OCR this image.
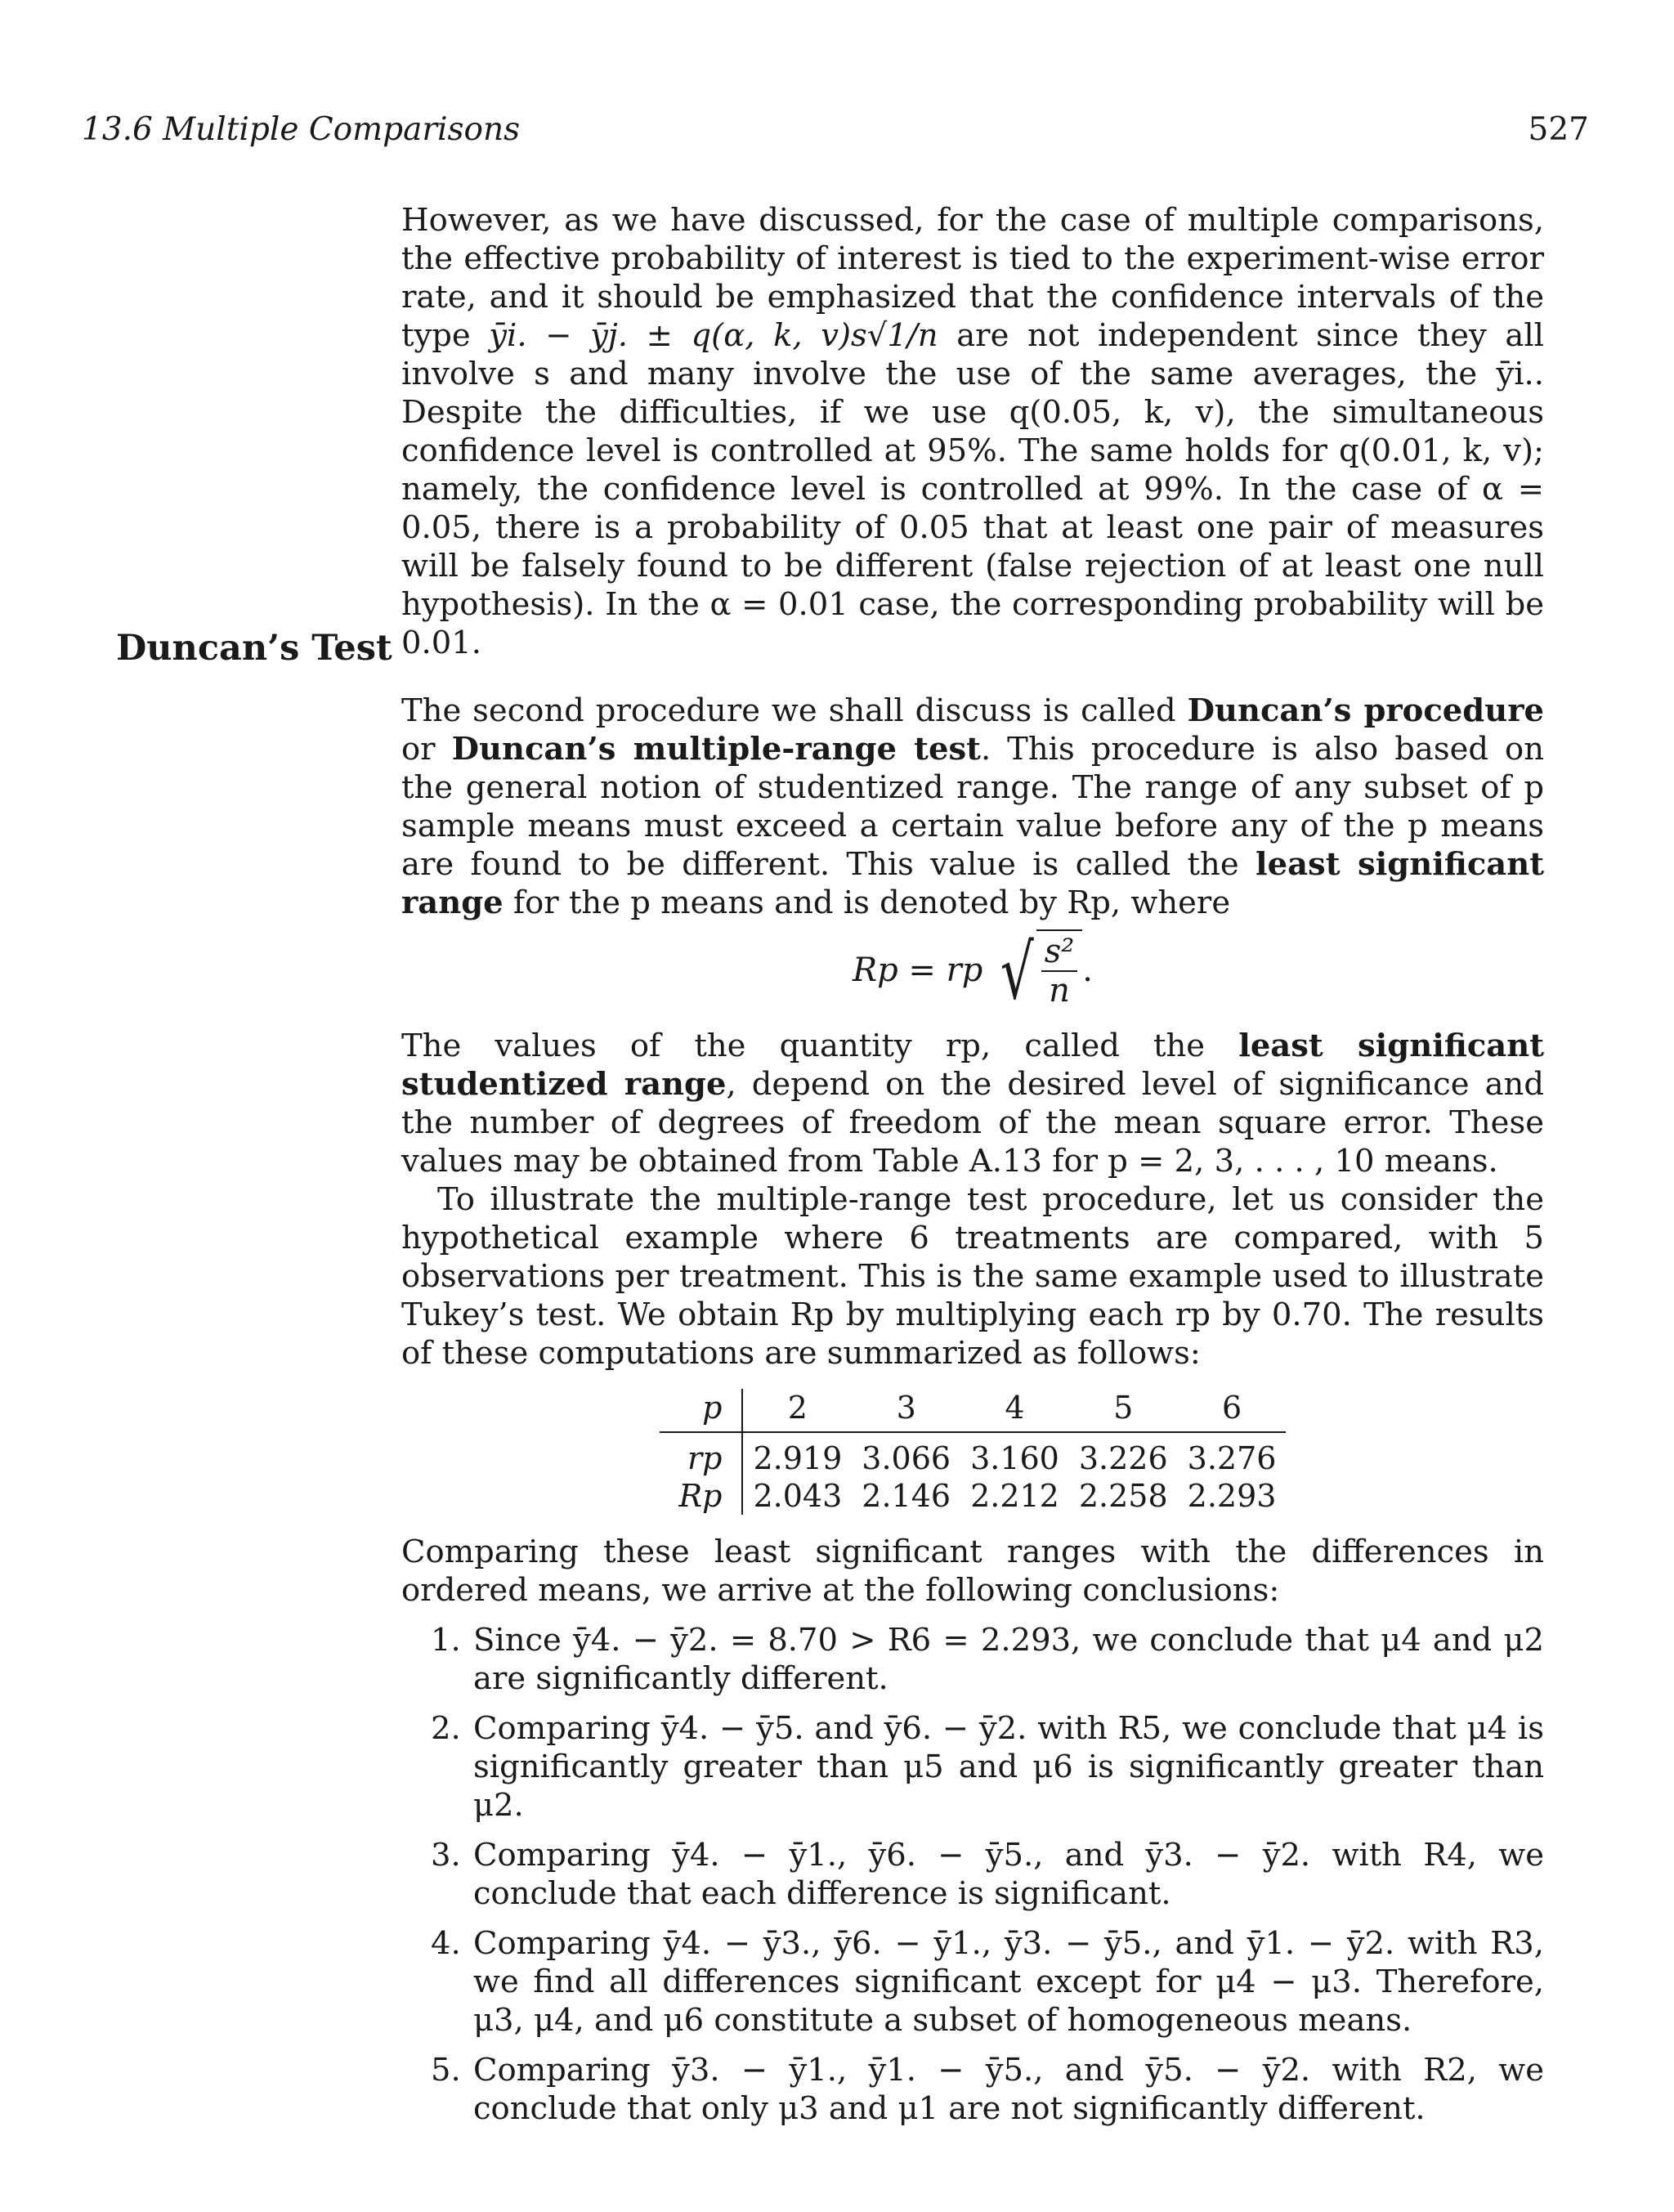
13.6 Multiple Comparisons	527

However, as we have discussed, for the case of multiple comparisons, the effective probability of interest is tied to the experiment-wise error rate, and it should be emphasized that the confidence intervals of the type ȳi. − ȳj. ± q(α, k, v)s√1/n are not independent since they all involve s and many involve the use of the same averages, the ȳi.. Despite the difficulties, if we use q(0.05, k, v), the simultaneous confidence level is controlled at 95%. The same holds for q(0.01, k, v); namely, the confidence level is controlled at 99%. In the case of α = 0.05, there is a probability of 0.05 that at least one pair of measures will be falsely found to be different (false rejection of at least one null hypothesis). In the α = 0.01 case, the corresponding probability will be 0.01.

Duncan’s Test

The second procedure we shall discuss is called Duncan’s procedure or Duncan’s multiple-range test. This procedure is also based on the general notion of studentized range. The range of any subset of p sample means must exceed a certain value before any of the p means are found to be different. This value is called the least significant range for the p means and is denoted by Rp, where

Rp = rp √ $\frac{\text{s²}}{n}$ .

The values of the quantity rp, called the least significant studentized range, depend on the desired level of significance and the number of degrees of freedom of the mean square error. These values may be obtained from Table A.13 for p = 2, 3, . . . , 10 means.

To illustrate the multiple-range test procedure, let us consider the hypothetical example where 6 treatments are compared, with 5 observations per treatment. This is the same example used to illustrate Tukey’s test. We obtain Rp by multiplying each rp by 0.70. The results of these computations are summarized as follows:

p	2	3	4	5	6
rp	2.919	3.066	3.160	3.226	3.276
Rp	2.043	2.146	2.212	2.258	2.293

Comparing these least significant ranges with the differences in ordered means, we arrive at the following conclusions:

1. Since ȳ4. − ȳ2. = 8.70 > R6 = 2.293, we conclude that μ4 and μ2 are significantly different.
2. Comparing ȳ4. − ȳ5. and ȳ6. − ȳ2. with R5, we conclude that μ4 is significantly greater than μ5 and μ6 is significantly greater than μ2.
3. Comparing ȳ4. − ȳ1., ȳ6. − ȳ5., and ȳ3. − ȳ2. with R4, we conclude that each difference is significant.
4. Comparing ȳ4. − ȳ3., ȳ6. − ȳ1., ȳ3. − ȳ5., and ȳ1. − ȳ2. with R3, we find all differences significant except for μ4 − μ3. Therefore, μ3, μ4, and μ6 constitute a subset of homogeneous means.
5. Comparing ȳ3. − ȳ1., ȳ1. − ȳ5., and ȳ5. − ȳ2. with R2, we conclude that only μ3 and μ1 are not significantly different.
